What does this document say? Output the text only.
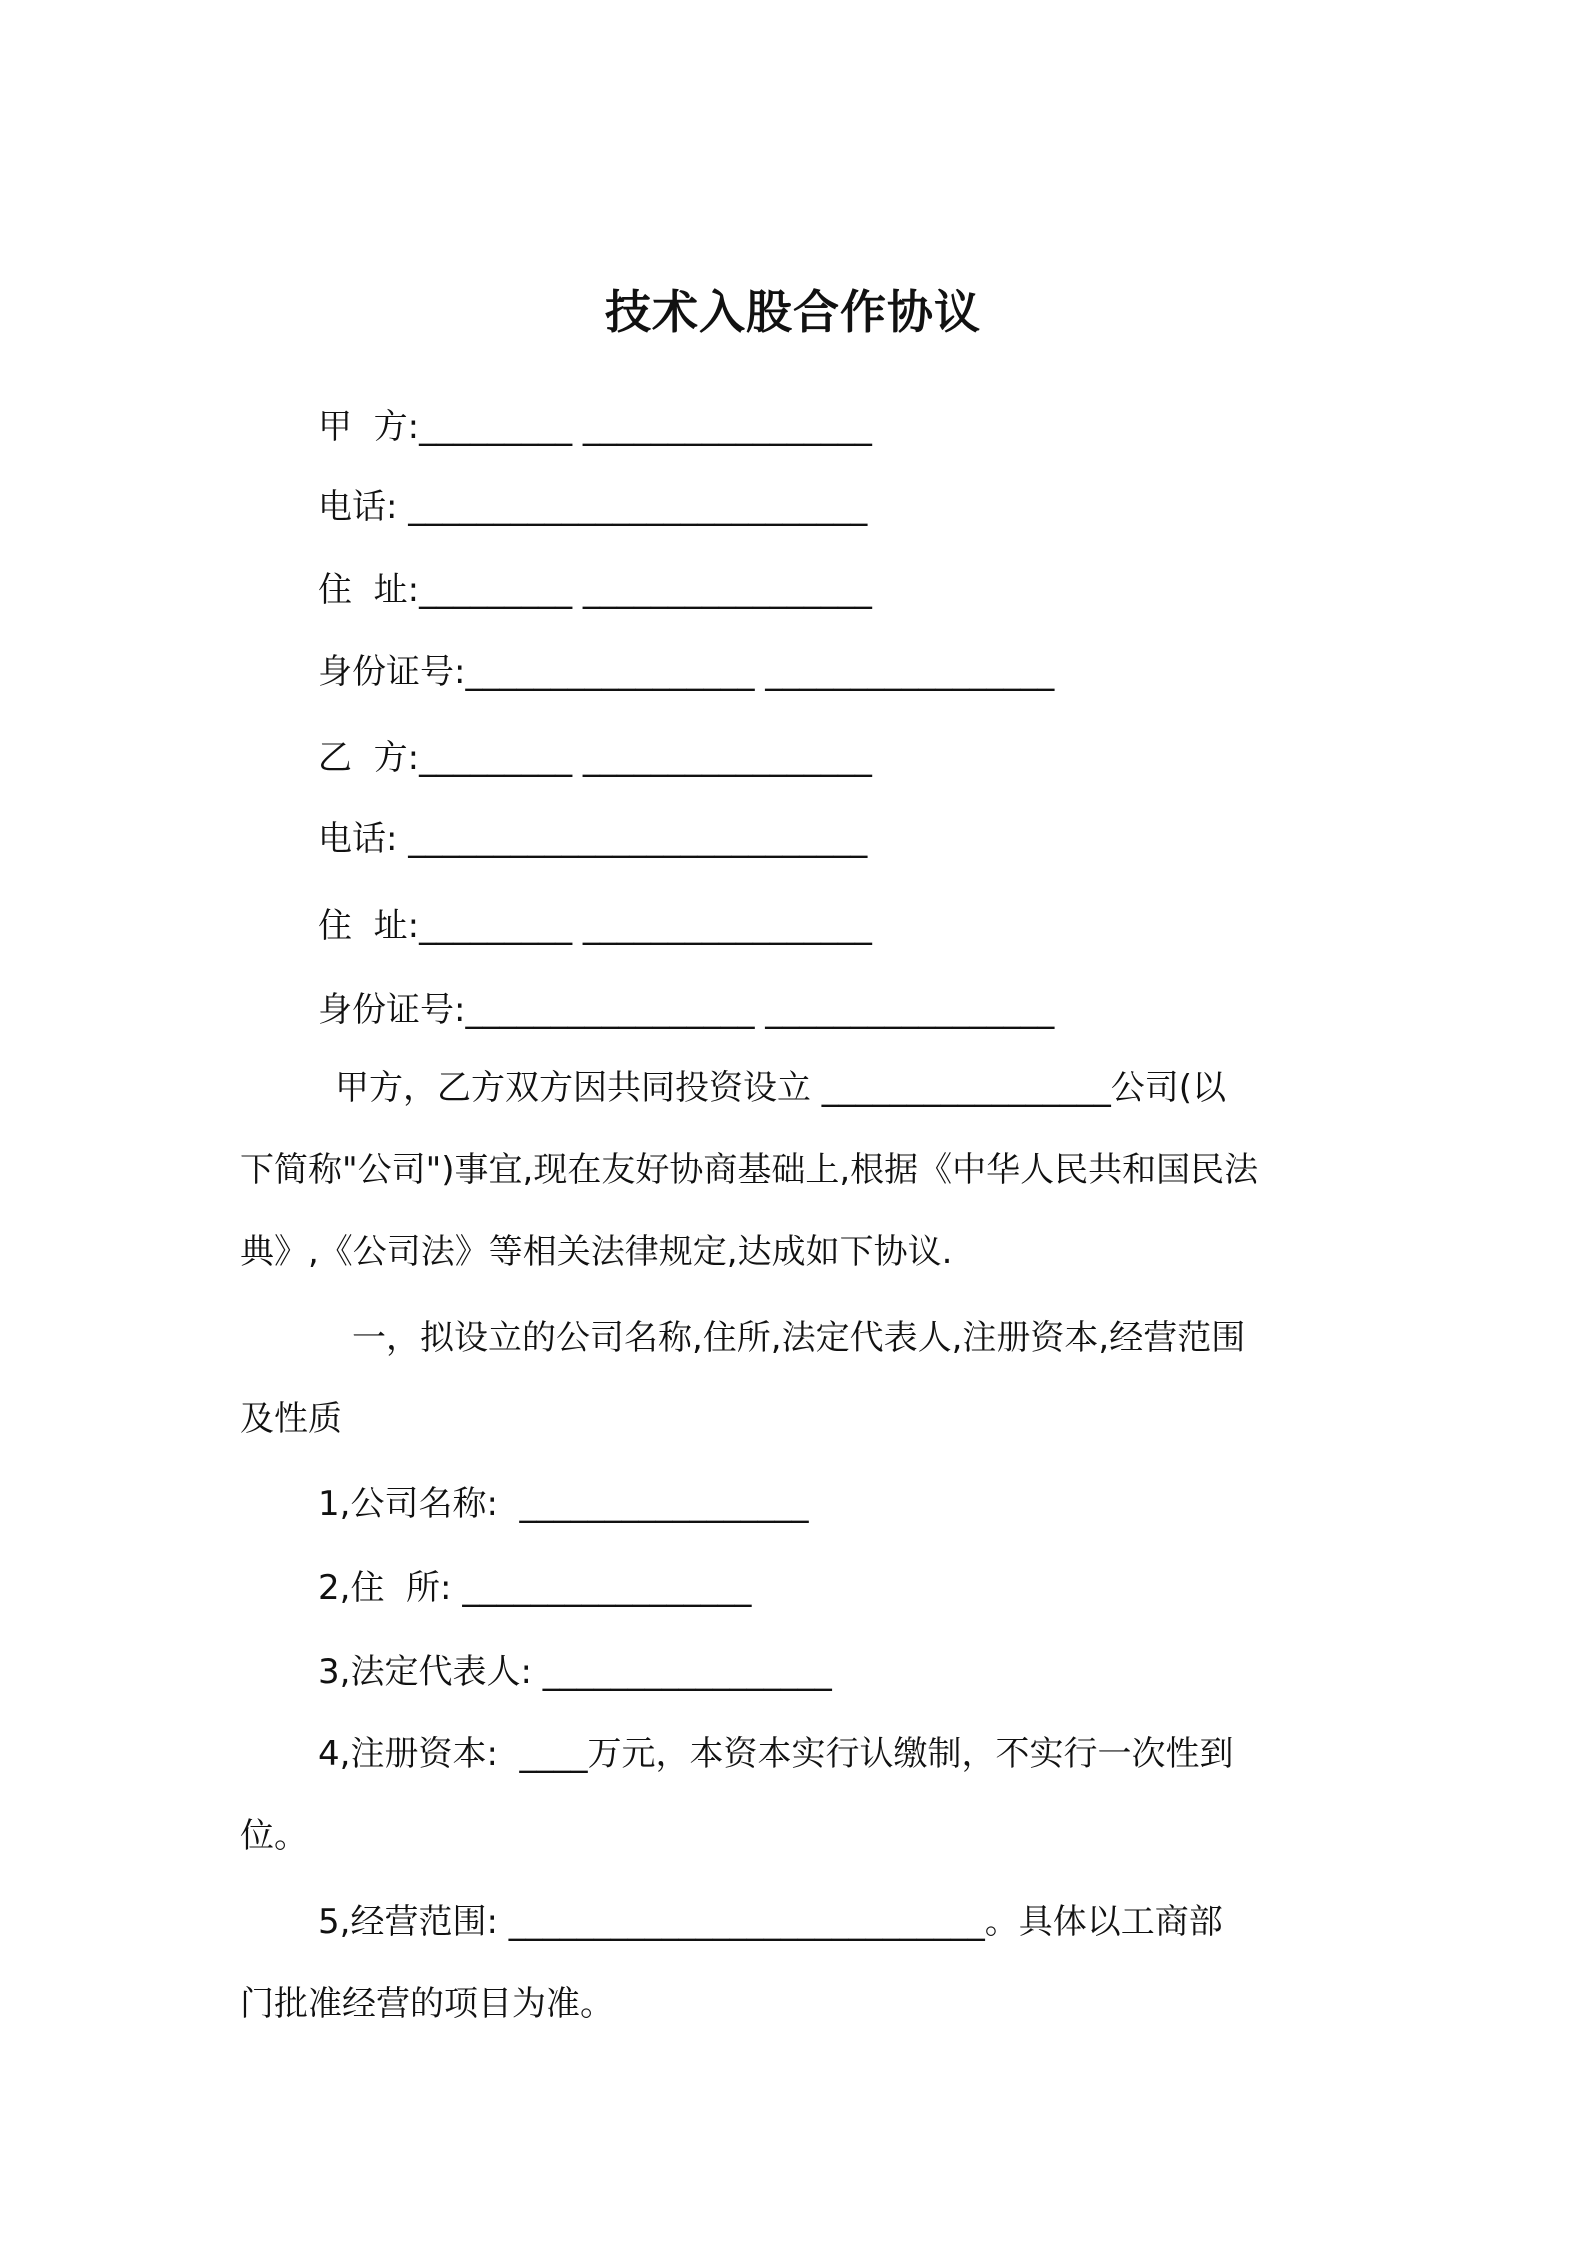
技术入股合作协议
甲  方:_________ _________________
电话: ___________________________
住  址:_________ _________________
身份证号:_________________ _________________
乙  方:_________ _________________
电话: ___________________________
住  址:_________ _________________
身份证号:_________________ _________________
甲方，乙方双方因共同投资设立 _________________公司(以
下简称"公司")事宜,现在友好协商基础上,根据《中华人民共和国民法
典》,《公司法》等相关法律规定,达成如下协议.
一，拟设立的公司名称,住所,法定代表人,注册资本,经营范围
及性质
1,公司名称:  _________________
2,住  所: _________________
3,法定代表人: _________________
4,注册资本:  ____万元，本资本实行认缴制，不实行一次性到
位。
5,经营范围: ____________________________。具体以工商部
门批准经营的项目为准。
